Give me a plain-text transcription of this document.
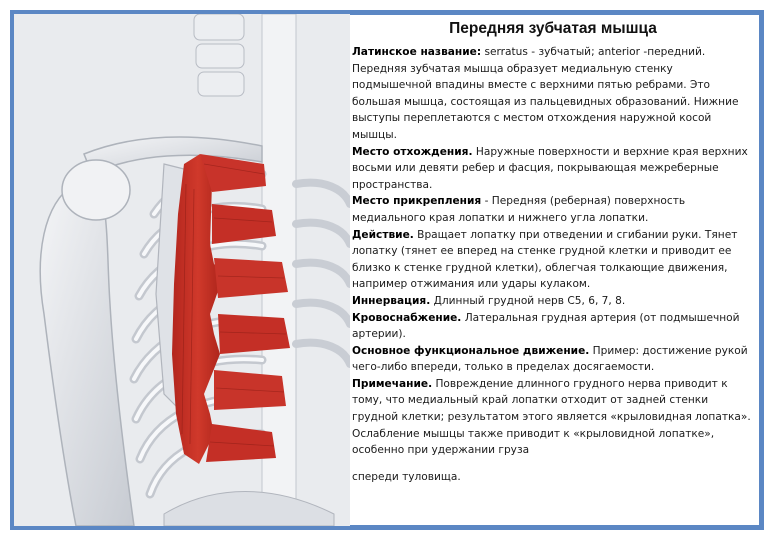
Передняя зубчатая мышца

Латинское название: serratus - зубчатый; anterior -передний. Передняя зубчатая мышца образует медиальную стенку подмышечной впадины вместе с верхними пятью ребрами. Это большая мышца, состоящая из пальцевидных образований. Нижние выступы переплетаются с местом отхождения наружной косой мышцы.

Место отхождения. Наружные поверхности и верхние края верхних восьми или девяти ребер и фасция, покрывающая межреберные пространства.

Место прикрепления - Передняя (реберная) поверхность медиального края лопатки и нижнего угла лопатки.

Действие. Вращает лопатку при отведении и сгибании руки. Тянет лопатку (тянет ее вперед на стенке грудной клетки и приводит ее близко к стенке грудной клетки), облегчая толкающие движения, например отжимания или удары кулаком.

Иннервация. Длинный грудной нерв С5, 6, 7, 8.

Кровоснабжение. Латеральная грудная артерия (от подмышечной артерии).

Основное функциональное движение. Пример: достижение рукой чего-либо впереди, только в пределах досягаемости.

Примечание. Повреждение длинного грудного нерва приводит к тому, что медиальный край лопатки отходит от задней стенки грудной клетки; результатом этого является «крыловидная лопатка». Ослабление мышцы также приводит к «крыловидной лопатке», особенно при удержании груза

спереди туловища.
